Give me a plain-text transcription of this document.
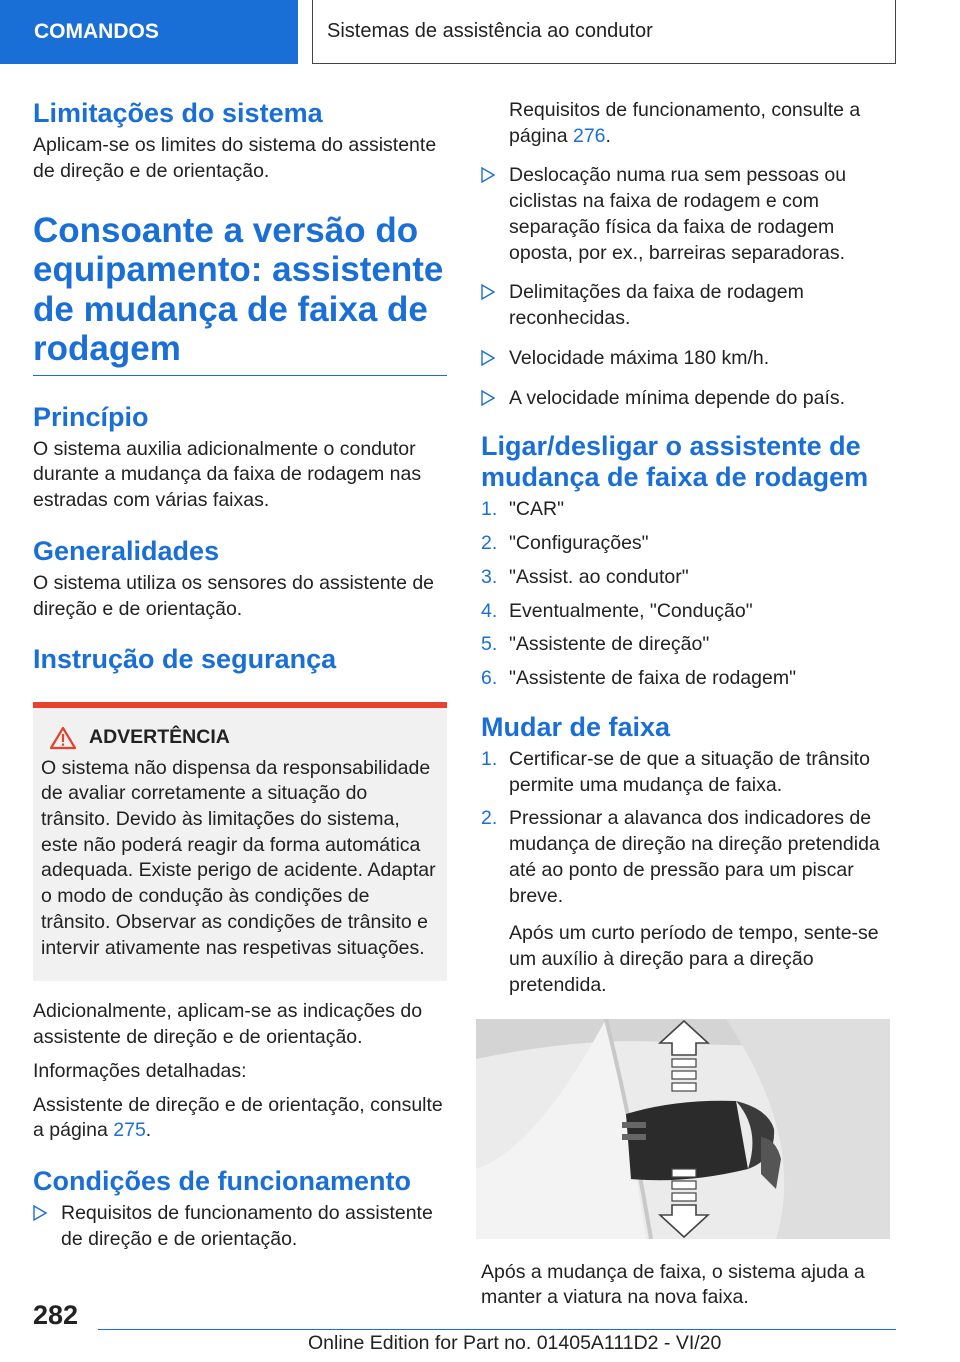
COMANDOS	Sistemas de assistência ao condutor
Limitações do sistema

Aplicam-se os limites do sistema do assistente de direção e de orientação.

Consoante a versão do equipamento: assistente de mudança de faixa de rodagem
Princípio

O sistema auxilia adicionalmente o condutor durante a mudança da faixa de rodagem nas estradas com várias faixas.

Generalidades

O sistema utiliza os sensores do assistente de direção e de orientação.

Instrução de segurança
ADVERTÊNCIA

O sistema não dispensa da responsabilidade de avaliar corretamente a situação do trânsito. Devido às limitações do sistema, este não poderá reagir da forma automática adequada. Existe perigo de acidente. Adaptar o modo de condução às condições de trânsito. Observar as condições de trânsito e intervir ativamente nas respetivas situações.

Adicionalmente, aplicam-se as indicações do assistente de direção e de orientação.

Informações detalhadas:

Assistente de direção e de orientação, consulte a página 275.

Condições de funcionamento
Requisitos de funcionamento do assistente de direção e de orientação.

Requisitos de funcionamento, consulte a página 276.

Deslocação numa rua sem pessoas ou ciclistas na faixa de rodagem e com separação física da faixa de rodagem oposta, por ex., barreiras separadoras.
Delimitações da faixa de rodagem reconhecidas.
Velocidade máxima 180 km/h.
A velocidade mínima depende do país.
Ligar/desligar o assistente de mudança de faixa de rodagem
1. "CAR"
2. "Configurações"
3. "Assist. ao condutor"
4. Eventualmente, "Condução"
5. "Assistente de direção"
6. "Assistente de faixa de rodagem"
Mudar de faixa
1. Certificar-se de que a situação de trânsito permite uma mudança de faixa.
2. Pressionar a alavanca dos indicadores de mudança de direção na direção pretendida até ao ponto de pressão para um piscar breve.

Após um curto período de tempo, sente-se um auxílio à direção para a direção pretendida.

Após a mudança de faixa, o sistema ajuda a manter a viatura na nova faixa.

282
Online Edition for Part no. 01405A111D2 - VI/20
